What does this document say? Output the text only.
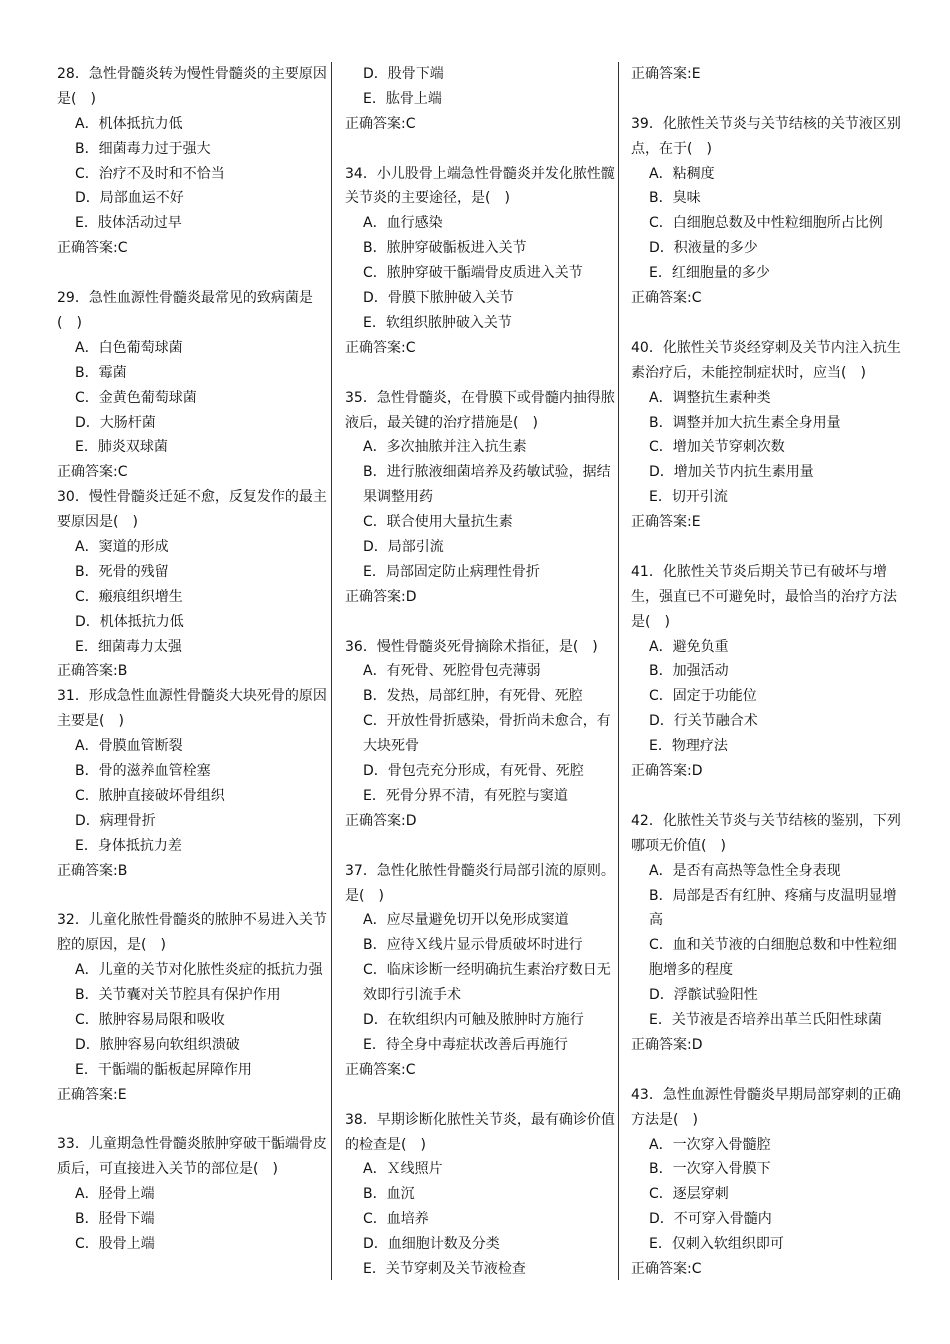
28．急性骨髓炎转为慢性骨髓炎的主要原因是(　)
A．机体抵抗力低
B．细菌毒力过于强大
C．治疗不及时和不恰当
D．局部血运不好
E．肢体活动过早
正确答案:C
29．急性血源性骨髓炎最常见的致病菌是(　)
A．白色葡萄球菌
B．霉菌
C．金黄色葡萄球菌
D．大肠杆菌
E．肺炎双球菌
正确答案:C
30．慢性骨髓炎迁延不愈，反复发作的最主要原因是(　)
A．窦道的形成
B．死骨的残留
C．瘢痕组织增生
D．机体抵抗力低
E．细菌毒力太强
正确答案:B
31．形成急性血源性骨髓炎大块死骨的原因主要是(　)
A．骨膜血管断裂
B．骨的滋养血管栓塞
C．脓肿直接破坏骨组织
D．病理骨折
E．身体抵抗力差
正确答案:B
32．儿童化脓性骨髓炎的脓肿不易进入关节腔的原因，是(　)
A．儿童的关节对化脓性炎症的抵抗力强
B．关节囊对关节腔具有保护作用
C．脓肿容易局限和吸收
D．脓肿容易向软组织溃破
E．干骺端的骺板起屏障作用
正确答案:E
33．儿童期急性骨髓炎脓肿穿破干骺端骨皮质后，可直接进入关节的部位是(　)
A．胫骨上端
B．胫骨下端
C．股骨上端
D．股骨下端
E．肱骨上端
正确答案:C
34．小儿股骨上端急性骨髓炎并发化脓性髋关节炎的主要途径，是(　)
A．血行感染
B．脓肿穿破骺板进入关节
C．脓肿穿破干骺端骨皮质进入关节
D．骨膜下脓肿破入关节
E．软组织脓肿破入关节
正确答案:C
35．急性骨髓炎，在骨膜下或骨髓内抽得脓液后，最关键的治疗措施是(　)
A．多次抽脓并注入抗生素
B．进行脓液细菌培养及药敏试验，据结果调整用药
C．联合使用大量抗生素
D．局部引流
E．局部固定防止病理性骨折
正确答案:D
36．慢性骨髓炎死骨摘除术指征，是(　)
A．有死骨、死腔骨包壳薄弱
B．发热，局部红肿，有死骨、死腔
C．开放性骨折感染，骨折尚未愈合，有大块死骨
D．骨包壳充分形成，有死骨、死腔
E．死骨分界不清，有死腔与窦道
正确答案:D
37．急性化脓性骨髓炎行局部引流的原则。是(　)
A．应尽量避免切开以免形成窦道
B．应待Ｘ线片显示骨质破坏时进行
C．临床诊断一经明确抗生素治疗数日无效即行引流手术
D．在软组织内可触及脓肿时方施行
E．待全身中毒症状改善后再施行
正确答案:C
38．早期诊断化脓性关节炎，最有确诊价值的检查是(　)
A．Ｘ线照片
B．血沉
C．血培养
D．血细胞计数及分类
E．关节穿刺及关节液检查
正确答案:E
39．化脓性关节炎与关节结核的关节液区别点，在于(　)
A．粘稠度
B．臭味
C．白细胞总数及中性粒细胞所占比例
D．积液量的多少
E．红细胞量的多少
正确答案:C
40．化脓性关节炎经穿刺及关节内注入抗生素治疗后，未能控制症状时，应当(　)
A．调整抗生素种类
B．调整并加大抗生素全身用量
C．增加关节穿刺次数
D．增加关节内抗生素用量
E．切开引流
正确答案:E
41．化脓性关节炎后期关节已有破坏与增生，强直已不可避免时，最恰当的治疗方法是(　)
A．避免负重
B．加强活动
C．固定于功能位
D．行关节融合术
E．物理疗法
正确答案:D
42．化脓性关节炎与关节结核的鉴别，下列哪项无价值(　)
A．是否有高热等急性全身表现
B．局部是否有红肿、疼痛与皮温明显增高
C．血和关节液的白细胞总数和中性粒细胞增多的程度
D．浮髌试验阳性
E．关节液是否培养出革兰氏阳性球菌
正确答案:D
43．急性血源性骨髓炎早期局部穿刺的正确方法是(　)
A．一次穿入骨髓腔
B．一次穿入骨膜下
C．逐层穿刺
D．不可穿入骨髓内
E．仅刺入软组织即可
正确答案:C
